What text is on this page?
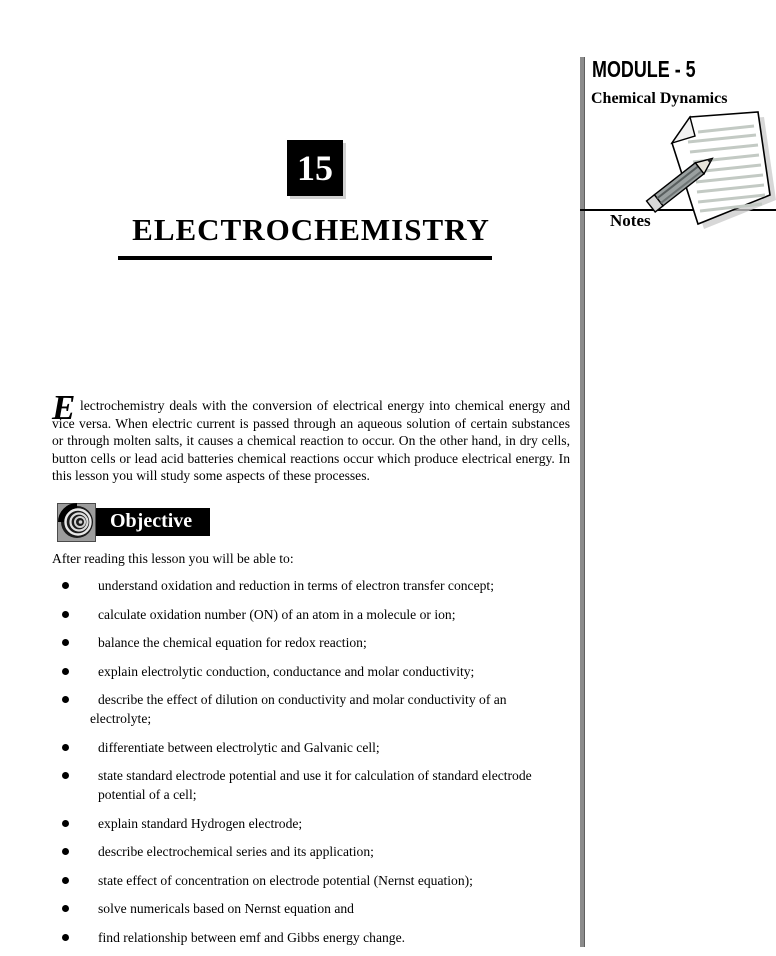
15
ELECTROCHEMISTRY
MODULE - 5
Chemical Dynamics
Notes

E lectrochemistry deals with the conversion of electrical energy into chemical energy and vice versa. When electric current is passed through an aqueous solution of certain substances or through molten salts, it causes a chemical reaction to occur. On the other hand, in dry cells, button cells or lead acid batteries chemical reactions occur which produce electrical energy. In this lesson you will study some aspects of these processes.

Objective
After reading this lesson you will be able to:
understand oxidation and reduction in terms of electron transfer concept;
calculate oxidation number (ON) of an atom in a molecule or ion;
balance the chemical equation for redox reaction;
explain electrolytic conduction, conductance and molar conductivity;
describe the effect of dilution on conductivity and molar conductivity of an electrolyte;
differentiate between electrolytic and Galvanic cell;
state standard electrode potential and use it for calculation of standard electrode potential of a cell;
explain standard Hydrogen electrode;
describe electrochemical series and its application;
state effect of concentration on electrode potential (Nernst equation);
solve numericals based on Nernst equation and
find relationship between emf and Gibbs energy change.
